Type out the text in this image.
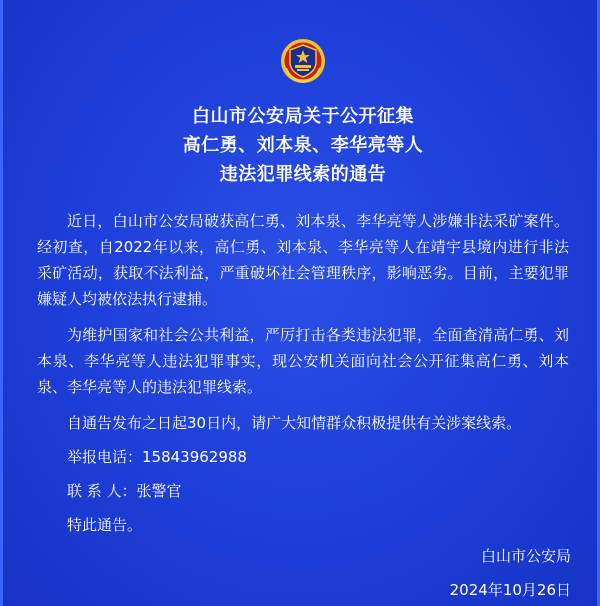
白山市公安局关于公开征集
高仁勇、刘本泉、李华亮等人
违法犯罪线索的通告

近日，白山市公安局破获高仁勇、刘本泉、李华亮等人涉嫌非法采矿案件。经初查，自2022年以来，高仁勇、刘本泉、李华亮等人在靖宇县境内进行非法采矿活动，获取不法利益，严重破坏社会管理秩序，影响恶劣。目前，主要犯罪嫌疑人均被依法执行逮捕。

为维护国家和社会公共利益，严厉打击各类违法犯罪，全面查清高仁勇、刘本泉、李华亮等人违法犯罪事实，现公安机关面向社会公开征集高仁勇、刘本泉、李华亮等人的违法犯罪线索。

自通告发布之日起30日内，请广大知情群众积极提供有关涉案线索。

举报电话：15843962988

联 系 人：张警官

特此通告。

白山市公安局
2024年10月26日
